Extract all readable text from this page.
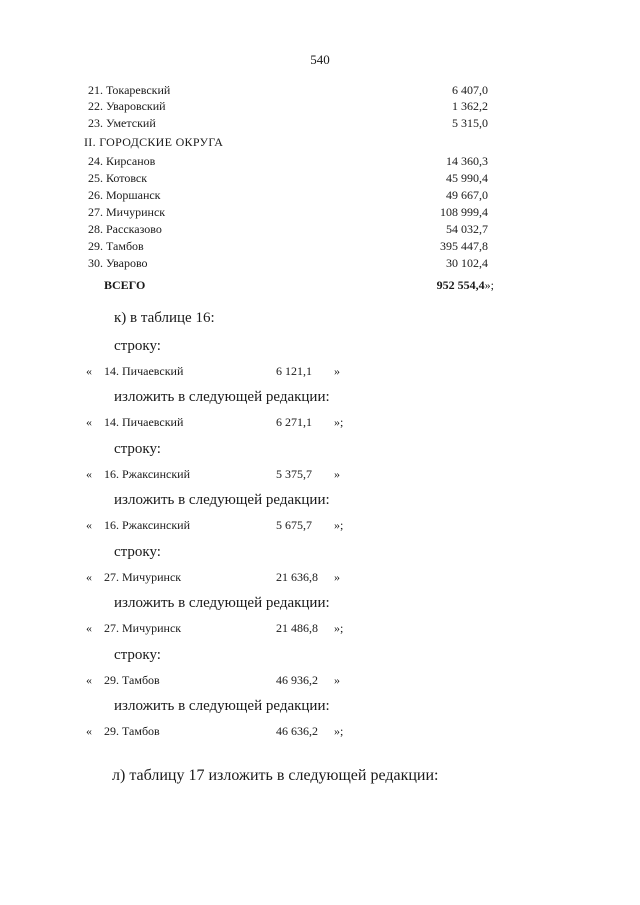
540
21. Токаревский	6 407,0
22. Уваровский	1 362,2
23. Уметский	5 315,0
II. ГОРОДСКИЕ ОКРУГА
24. Кирсанов	14 360,3
25. Котовск	45 990,4
26. Моршанск	49 667,0
27. Мичуринск	108 999,4
28. Рассказово	54 032,7
29. Тамбов	395 447,8
30. Уварово	30 102,4
ВСЕГО	952 554,4»;
к) в таблице 16:
строку:
« 14. Пичаевский	6 121,1 »
изложить в следующей редакции:
« 14. Пичаевский	6 271,1 »;
строку:
« 16. Ржаксинский	5 375,7 »
изложить в следующей редакции:
« 16. Ржаксинский	5 675,7 »;
строку:
« 27. Мичуринск	21 636,8 »
изложить в следующей редакции:
« 27. Мичуринск	21 486,8 »;
строку:
« 29. Тамбов	46 936,2 »
изложить в следующей редакции:
« 29. Тамбов	46 636,2 »;
л) таблицу 17 изложить в следующей редакции:
